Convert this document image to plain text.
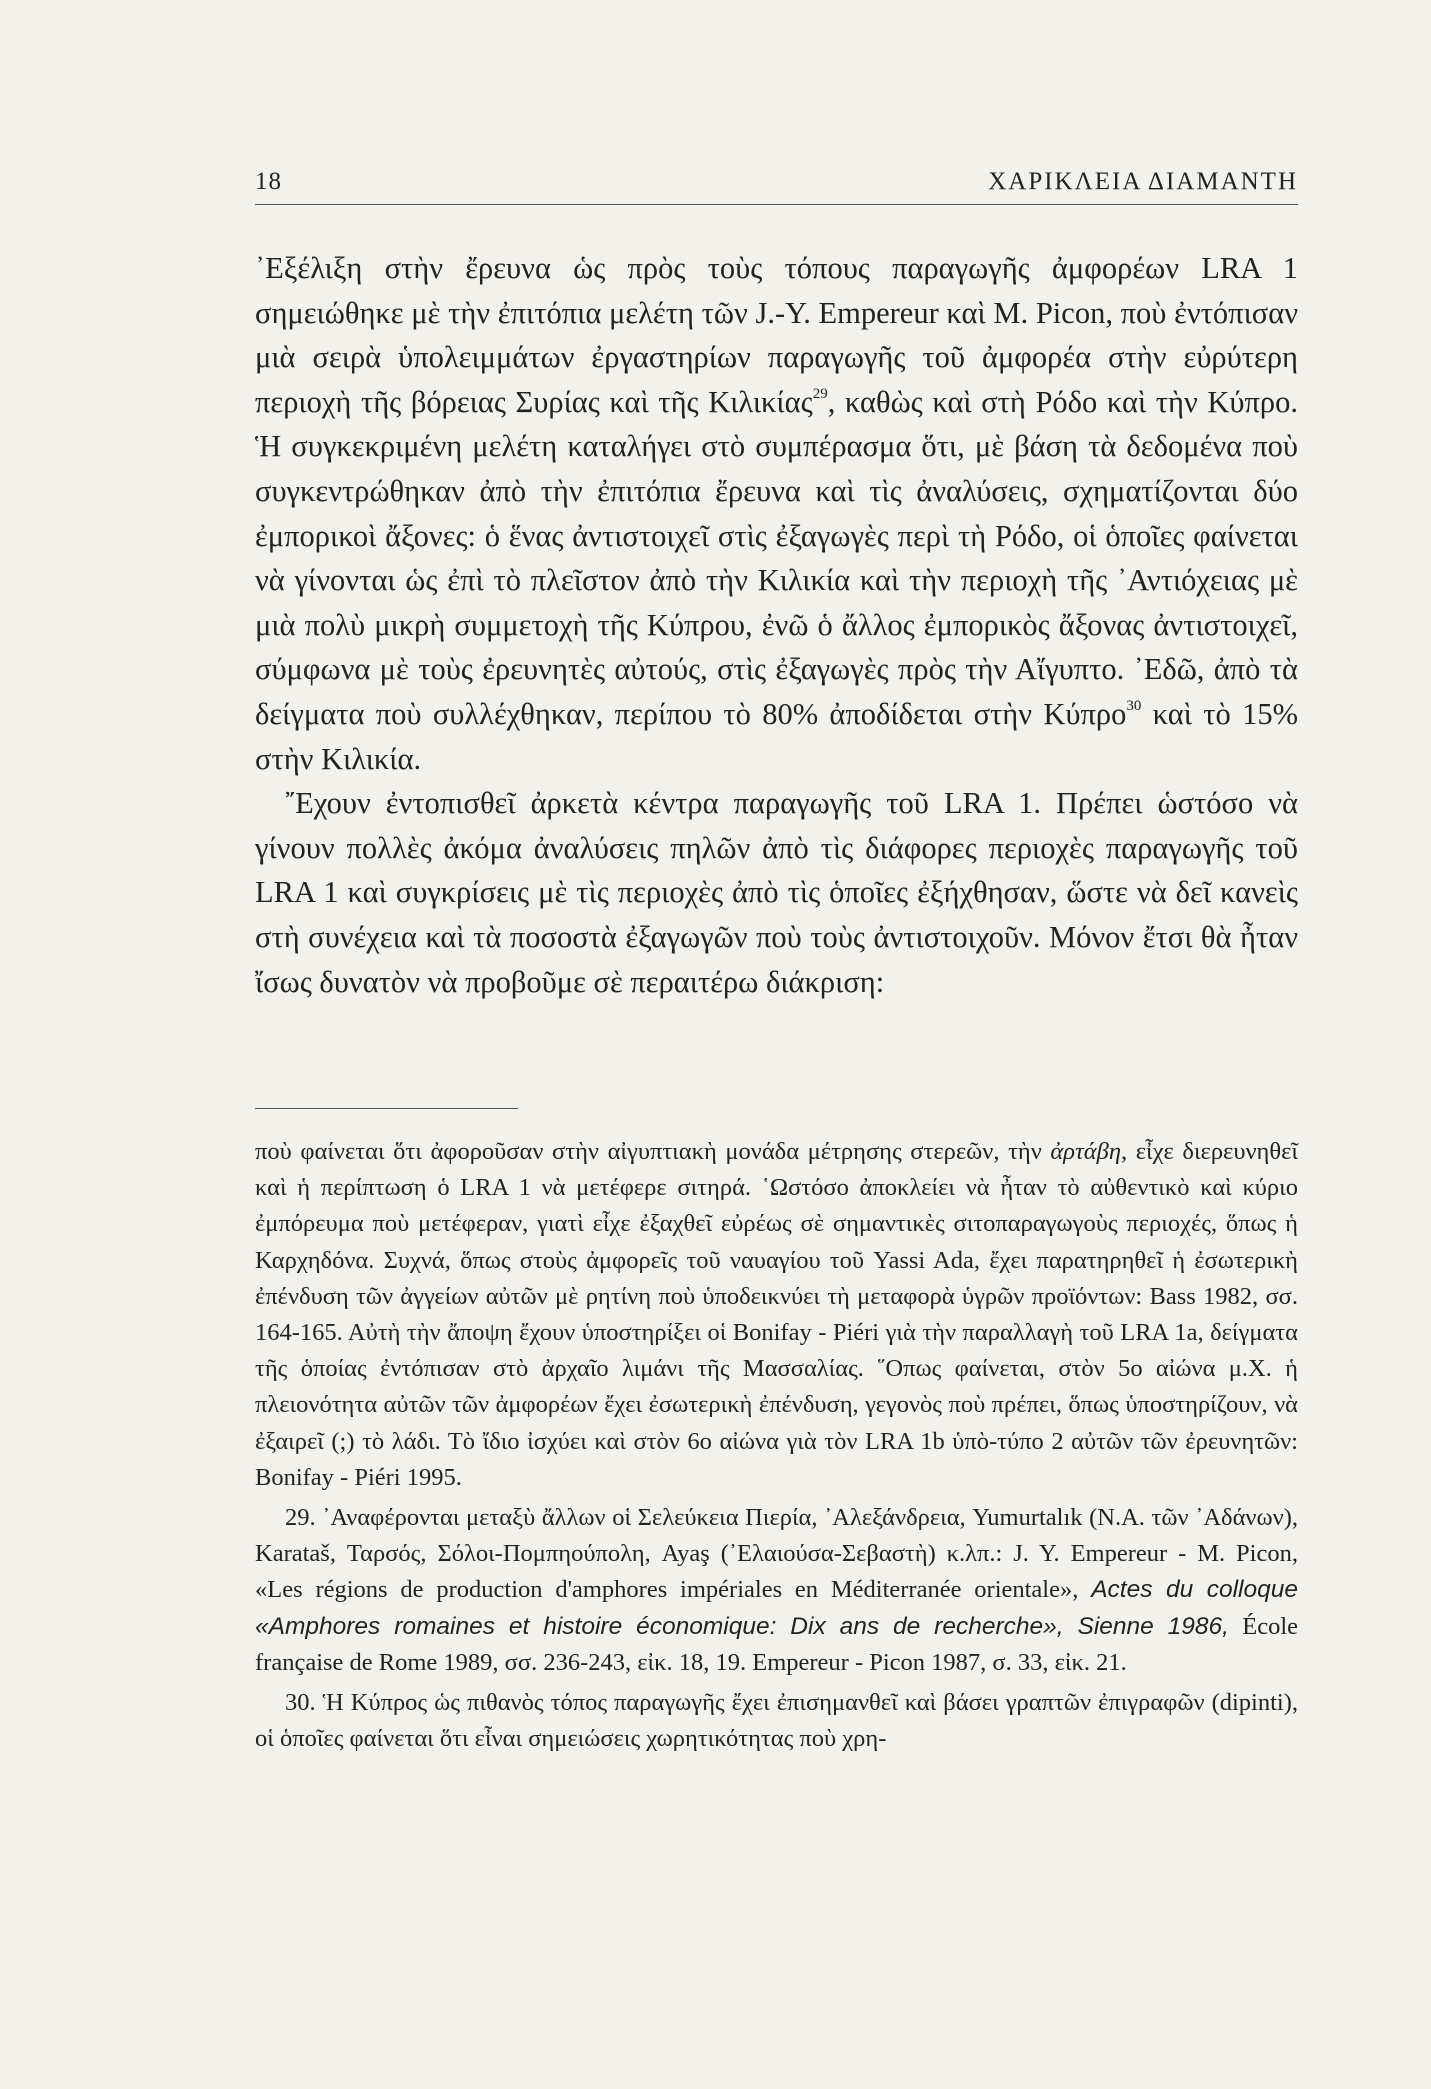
18	ΧΑΡΙΚΛΕΙΑ ΔΙΑΜΑΝΤΗ

᾿Εξέλιξη στὴν ἔρευνα ὡς πρὸς τοὺς τόπους παραγωγῆς ἀμφορέων LRA 1 σημειώθηκε μὲ τὴν ἐπιτόπια μελέτη τῶν J.-Y. Empereur καὶ M. Picon, ποὺ ἐντόπισαν μιὰ σειρὰ ὑπολειμμάτων ἐργαστηρίων παραγωγῆς τοῦ ἀμφορέα στὴν εὐρύτερη περιοχὴ τῆς βόρειας Συρίας καὶ τῆς Κιλικίας$^{29}$, καθὼς καὶ στὴ Ρόδο καὶ τὴν Κύπρο. Ἡ συγκεκριμένη μελέτη καταλήγει στὸ συμπέρασμα ὅτι, μὲ βάση τὰ δεδομένα ποὺ συγκεντρώθηκαν ἀπὸ τὴν ἐπιτόπια ἔρευνα καὶ τὶς ἀναλύσεις, σχηματίζονται δύο ἐμπορικοὶ ἄξονες: ὁ ἕνας ἀντιστοιχεῖ στὶς ἐξαγωγὲς περὶ τὴ Ρόδο, οἱ ὁποῖες φαίνεται νὰ γίνονται ὡς ἐπὶ τὸ πλεῖστον ἀπὸ τὴν Κιλικία καὶ τὴν περιοχὴ τῆς ᾿Αντιόχειας μὲ μιὰ πολὺ μικρὴ συμμετοχὴ τῆς Κύπρου, ἐνῶ ὁ ἄλλος ἐμπορικὸς ἄξονας ἀντιστοιχεῖ, σύμφωνα μὲ τοὺς ἐρευνητὲς αὐτούς, στὶς ἐξαγωγὲς πρὸς τὴν Αἴγυπτο. ᾿Εδῶ, ἀπὸ τὰ δείγματα ποὺ συλλέχθηκαν, περίπου τὸ 80% ἀποδίδεται στὴν Κύπρο$^{30}$ καὶ τὸ 15% στὴν Κιλικία.

῎Εχουν ἐντοπισθεῖ ἀρκετὰ κέντρα παραγωγῆς τοῦ LRA 1. Πρέπει ὡστόσο νὰ γίνουν πολλὲς ἀκόμα ἀναλύσεις πηλῶν ἀπὸ τὶς διάφορες περιοχὲς παραγωγῆς τοῦ LRA 1 καὶ συγκρίσεις μὲ τὶς περιοχὲς ἀπὸ τὶς ὁποῖες ἐξήχθησαν, ὥστε νὰ δεῖ κανεὶς στὴ συνέχεια καὶ τὰ ποσοστὰ ἐξαγωγῶν ποὺ τοὺς ἀντιστοιχοῦν. Μόνον ἔτσι θὰ ἦταν ἴσως δυνατὸν νὰ προβοῦμε σὲ περαιτέρω διάκριση:

ποὺ φαίνεται ὅτι ἀφοροῦσαν στὴν αἰγυπτιακὴ μονάδα μέτρησης στερεῶν, τὴν ἀρτάβη, εἶχε διερευνηθεῖ καὶ ἡ περίπτωση ὁ LRA 1 νὰ μετέφερε σιτηρά. ῾Ωστόσο ἀποκλείει νὰ ἦταν τὸ αὐθεντικὸ καὶ κύριο ἐμπόρευμα ποὺ μετέφεραν, γιατὶ εἶχε ἐξαχθεῖ εὐρέως σὲ σημαντικὲς σιτοπαραγωγοὺς περιοχές, ὅπως ἡ Καρχηδόνα. Συχνά, ὅπως στοὺς ἀμφορεῖς τοῦ ναυαγίου τοῦ Yassi Ada, ἔχει παρατηρηθεῖ ἡ ἐσωτερικὴ ἐπένδυση τῶν ἀγγείων αὐτῶν μὲ ρητίνη ποὺ ὑποδεικνύει τὴ μεταφορὰ ὑγρῶν προϊόντων: Bass 1982, σσ. 164-165. Αὐτὴ τὴν ἄποψη ἔχουν ὑποστηρίξει οἱ Bonifay - Piéri γιὰ τὴν παραλλαγὴ τοῦ LRA 1a, δείγματα τῆς ὁποίας ἐντόπισαν στὸ ἀρχαῖο λιμάνι τῆς Μασσαλίας. ῞Οπως φαίνεται, στὸν 5ο αἰώνα μ.Χ. ἡ πλειονότητα αὐτῶν τῶν ἀμφορέων ἔχει ἐσωτερικὴ ἐπένδυση, γεγονὸς ποὺ πρέπει, ὅπως ὑποστηρίζουν, νὰ ἐξαιρεῖ (;) τὸ λάδι. Τὸ ἴδιο ἰσχύει καὶ στὸν 6ο αἰώνα γιὰ τὸν LRA 1b ὑπὸ-τύπο 2 αὐτῶν τῶν ἐρευνητῶν: Bonifay - Piéri 1995.

29. ᾿Αναφέρονται μεταξὺ ἄλλων οἱ Σελεύκεια Πιερία, ᾿Αλεξάνδρεια, Yumurtalık (Ν.Α. τῶν ᾿Αδάνων), Karataš, Ταρσός, Σόλοι-Πομπηούπολη, Ayaş (᾿Ελαιούσα-Σεβαστὴ) κ.λπ.: J. Y. Empereur - M. Picon, «Les régions de production d'amphores impériales en Méditerranée orientale», Actes du colloque «Amphores romaines et histoire économique: Dix ans de recherche», Sienne 1986, École française de Rome 1989, σσ. 236-243, εἰκ. 18, 19. Empereur - Picon 1987, σ. 33, εἰκ. 21.

30. Ἡ Κύπρος ὡς πιθανὸς τόπος παραγωγῆς ἔχει ἐπισημανθεῖ καὶ βάσει γραπτῶν ἐπιγραφῶν (dipinti), οἱ ὁποῖες φαίνεται ὅτι εἶναι σημειώσεις χωρητικότητας ποὺ χρη-
